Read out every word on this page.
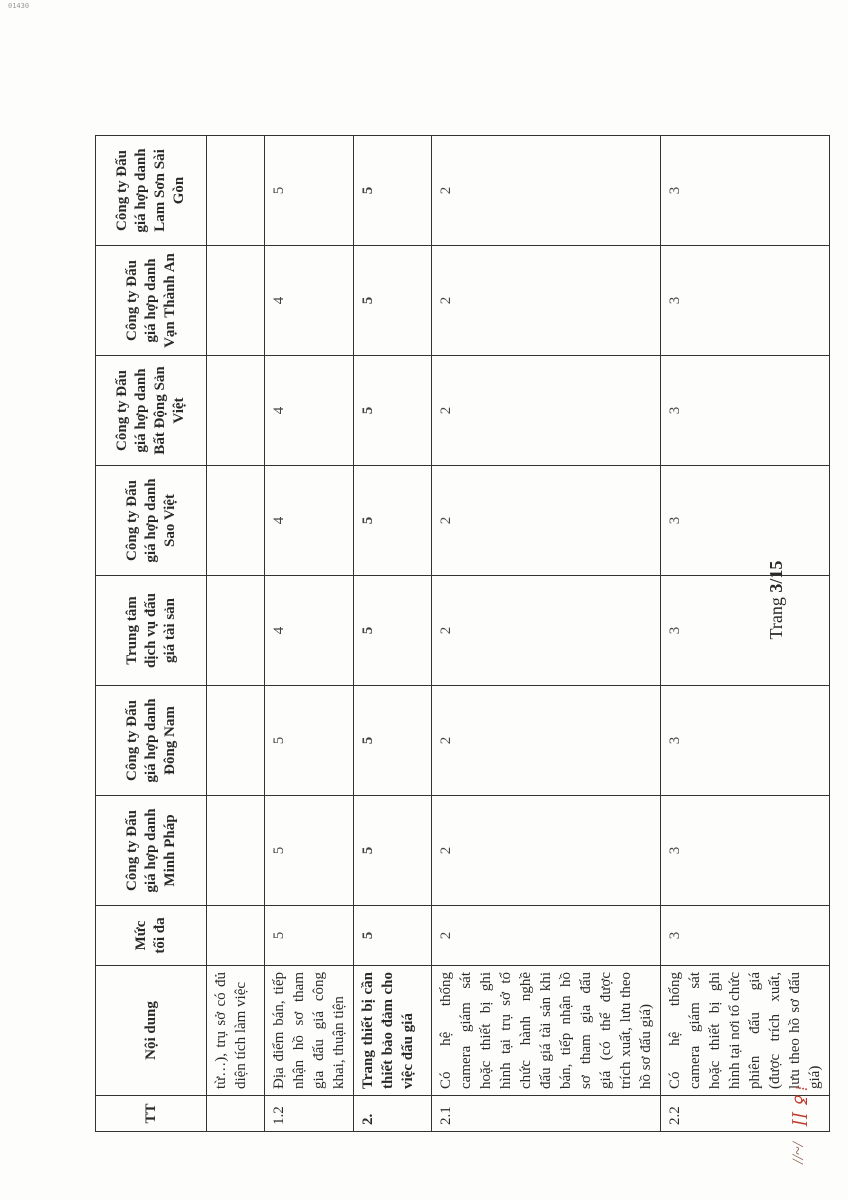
01430
TT	Nội dung	Mức tối đa	Công ty Đấu giá hợp danh Minh Pháp	Công ty Đấu giá hợp danh Đông Nam	Trung tâm dịch vụ đấu giá tài sản	Công ty Đấu giá hợp danh Sao Việt	Công ty Đấu giá hợp danh Bất Động Sản Việt	Công ty Đấu giá hợp danh Vạn Thành An	Công ty Đấu giá hợp danh Lam Sơn Sài Gòn
	từ…), trụ sở có đủ diện tích làm việc								
1.2	Địa điểm bán, tiếp nhận hồ sơ tham gia đấu giá công khai, thuận tiện	5	5	5	4	4	4	4	5
2.	Trang thiết bị cần thiết bảo đảm cho việc đấu giá	5	5	5	5	5	5	5	5
2.1	Có hệ thống camera giám sát hoặc thiết bị ghi hình tại trụ sở tổ chức hành nghề đấu giá tài sản khi bán, tiếp nhận hồ sơ tham gia đấu giá (có thể được trích xuất, lưu theo hồ sơ đấu giá)	2	2	2	2	2	2	2	2
2.2	Có hệ thống camera giám sát hoặc thiết bị ghi hình tại nơi tổ chức phiên đấu giá (được trích xuất, lưu theo hồ sơ đấu giá)	3	3	3	3	3	3	3	3
Trang 3/15
//~/
ꟾꟾ ꝿ ⁞
